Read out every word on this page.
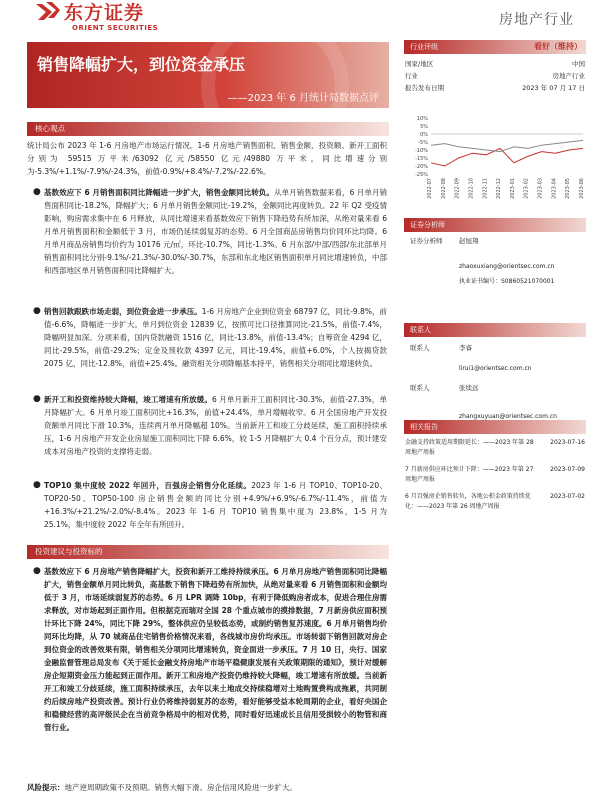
东方证券
ORIENT SECURITIES	房地产行业
销售降幅扩大，到位资金承压
——2023 年 6 月统计局数据点评
行业评级	看好（维持）
国家/地区	中国
行业	房地产行业
报告发布日期	2023 年 07 月 17 日
10%
5%
0%
-5%
-10%
-15%
-20%
-25%
2022-07 2022-08 2022-09 2022-10 2022-11 2022-12 2023-01 2023-02 2023-03 2023-04 2023-05 2023-06
证券分析师
证券分析师	赵旭翔
zhaoxuxiang@orientsec.com.cn
执业证书编号：S0860521070001
联系人
联系人	李睿
lirui1@orientsec.com.cn
联系人	张续远
zhangxuyuan@orientsec.com.cn
相关报告
金融支持政策适用期限延长：——2023 年第 28 周地产周报
2023-07-16
7 月新房供应环比预计下降：——2023 年第 27 周地产周报
2023-07-09
6 月百强房企销售转负，各地公积金政策持续优化：——2023 年第 26 周地产周报
2023-07-02
核心观点
统计局公布 2023 年 1-6 月房地产市场运行情况。1-6 月房地产销售面积、销售金额、投资额、新开工面积分别为 59515 万平米/63092 亿元/58550 亿元/49880 万平米，同比增速分别为-5.3%/+1.1%/-7.9%/-24.3%，前值-0.9%/+8.4%/-7.2%/-22.6%。
● 基数效应下 6 月销售面积同比降幅进一步扩大，销售金额同比转负。从单月销售数据来看，6 月单月销售面积同比-18.2%，降幅扩大；6 月单月销售金额同比-19.2%，金额同比再度转负。22 年 Q2 受疫情影响，购房需求集中在 6 月释放，从同比增速来看基数效应下销售下降趋势有所加深，从绝对量来看 6 月单月销售面积和金额低于 3 月，市场仍延续弱复苏的态势。6 月全国商品房销售均价同环比均降。6 月单月商品房销售均价约为 10176 元/㎡，环比-10.7%，同比-1.3%。6 月东部/中部/西部/东北部单月销售面积同比分别-9.1%/-21.3%/-30.0%/-30.7%，东部和东北地区销售面积单月同比增速转负，中部和西部地区单月销售面积同比降幅扩大。
● 销售回款跟跌市场走弱，到位资金进一步承压。1-6 月房地产企业到位资金 68797 亿，同比-9.8%，前值-6.6%，降幅进一步扩大。单月到位资金 12839 亿，按照可比口径推算同比-21.5%，前值-7.4%，降幅明显加深。分项来看，国内贷款融资 1516 亿，同比-13.8%，前值-13.4%；自筹资金 4294 亿，同比-29.5%，前值-29.2%；定金及预收款 4397 亿元，同比-19.4%，前值+6.0%，个人按揭贷款 2075 亿，同比-12.8%，前值+25.4%。融资相关分项降幅基本持平，销售相关分项同比增速转负。
● 新开工和投资维持较大降幅，竣工增速有所放缓。6 月单月新开工面积同比-30.3%，前值-27.3%，单月降幅扩大。6 月单月竣工面积同比+16.3%，前值+24.4%，单月增幅收窄。6 月全国房地产开发投资额单月同比下滑 10.3%，连续两月单月降幅超 10%。当前新开工和竣工分歧延续，施工面积持续承压，1-6 月房地产开发企业房屋施工面积同比下降 6.6%，较 1-5 月降幅扩大 0.4 个百分点，预计建安成本对房地产投资的支撑将走弱。
● TOP10 集中度较 2022 年回升，百强房企销售分化延续。2023 年 1-6 月 TOP10、TOP10-20、TOP20-50、TOP50-100 房企销售金额的同比分别+4.9%/+6.9%/-6.7%/-11.4%，前值为+16.3%/+21.2%/-2.0%/-8.4%。2023 年 1-6 月 TOP10 销售集中度为 23.8%，1-5 月为 25.1%，集中度较 2022 年全年有所回升。
投资建议与投资标的
● 基数效应下 6 月房地产销售降幅扩大，投资和新开工维持持续承压。6 月单月房地产销售面积同比降幅扩大，销售金额单月同比转负，高基数下销售下降趋势有所加快，从绝对量来看 6 月销售面积和金额均低于 3 月，市场延续弱复苏的态势。6 月 LPR 调降 10bp，有利于降低购房者成本，促进合理住房需求释放，对市场起到正面作用。但根据克而瑞对全国 28 个重点城市的摸排数据，7 月新房供应面积预计环比下降 24%，同比下降 29%，整体供应仍呈较低态势，或制约销售复苏速度。6 月单月销售均价同环比均降，从 70 城商品住宅销售价格情况来看，各线城市房价均承压。市场转弱下销售回款对房企到位资金的改善效果有限，销售相关分项同比增速转负，资金面进一步承压。7 月 10 日，央行、国家金融监督管理总局发布《关于延长金融支持房地产市场平稳健康发展有关政策期限的通知》，预计对缓解房企短期资金压力能起到正面作用。新开工和房地产投资仍维持较大降幅，竣工增速有所放缓。当前新开工和竣工分歧延续，施工面积持续承压，去年以来土地成交持续稳增对土地购置费构成拖累，共同制约后续房地产投资改善。预计行业仍将维持弱复苏的态势，看好能够受益本轮周期的企业，看好央国企和稳健经营的高评级民企在当前竞争格局中的相对优势，同时看好迅速成长且信用受损较小的物管和商管行业。
风险提示：地产逆周期政策不及预期。销售大幅下滑。房企信用风险进一步扩大。
